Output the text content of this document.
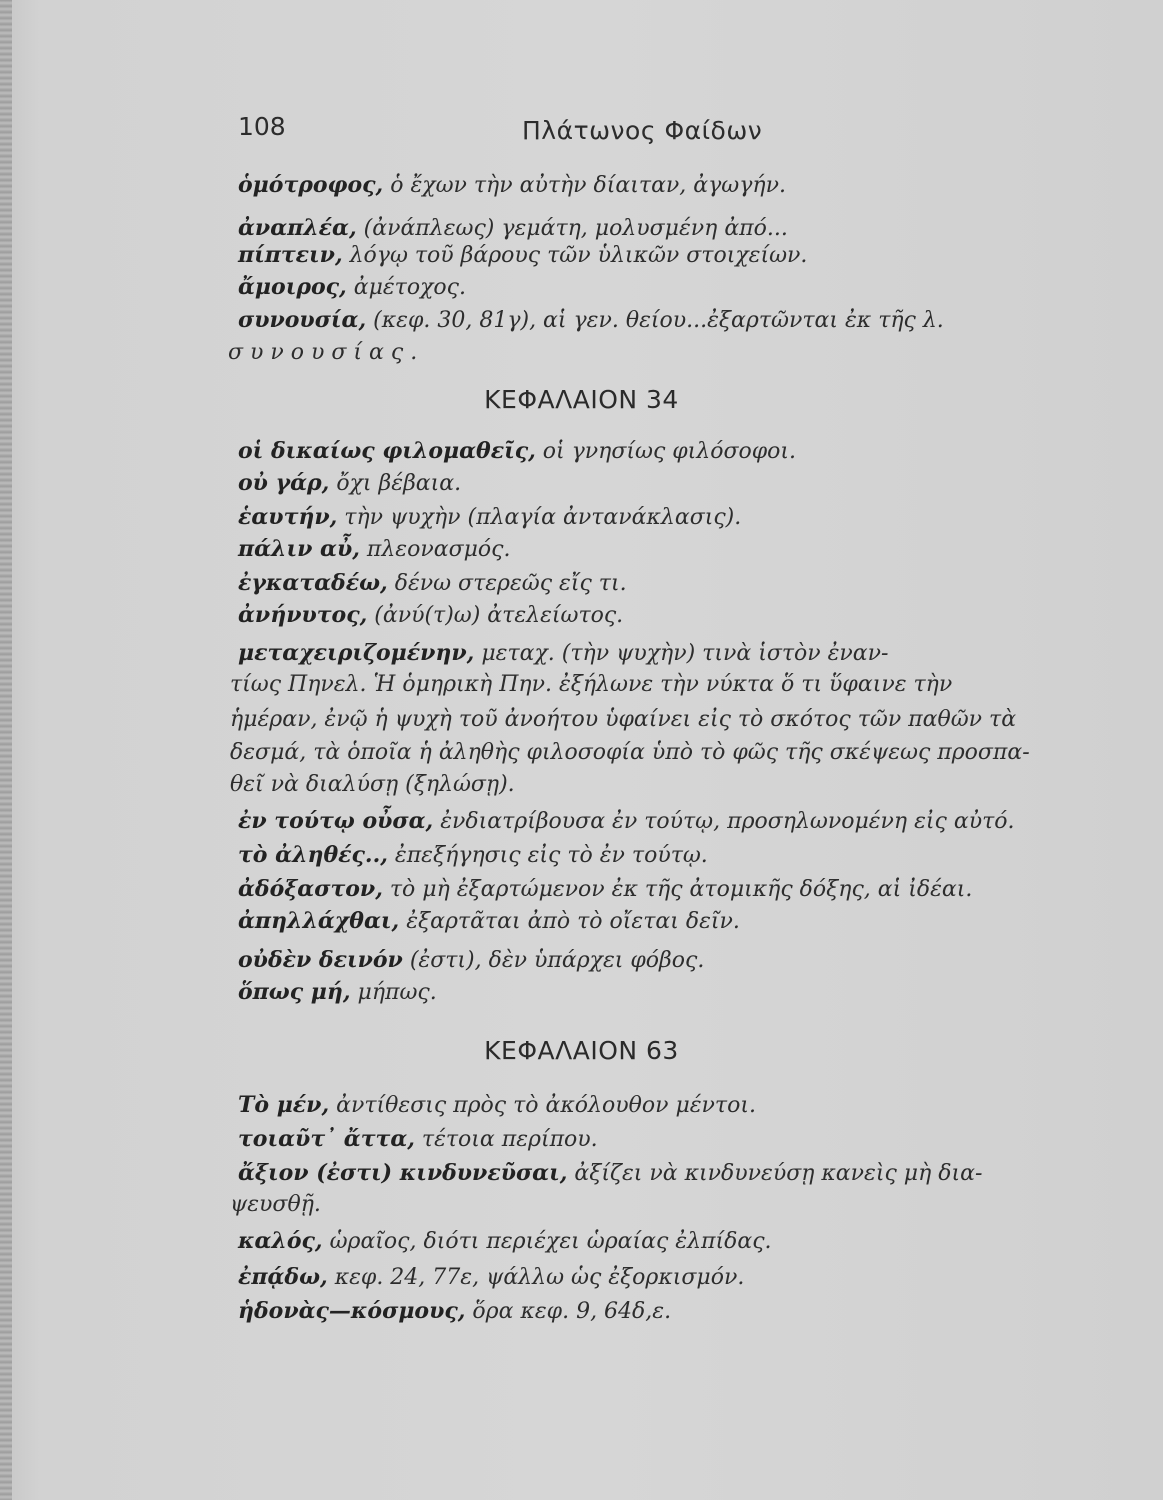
108	Πλάτωνος Φαίδων
ὁμότροφος, ὁ ἔχων τὴν αὐτὴν δίαιταν, ἀγωγήν.
ἀναπλέα, (ἀνάπλεως) γεμάτη, μολυσμένη ἀπό...
πίπτειν, λόγῳ τοῦ βάρους τῶν ὑλικῶν στοιχείων.
ἄμοιρος, ἀμέτοχος.
συνουσία, (κεφ. 30, 81γ), αἱ γεν. θείου...ἐξαρτῶνται ἐκ τῆς λ.
συνουσίας.
ΚΕΦΑΛΑΙΟΝ 34
οἱ δικαίως φιλομαθεῖς, οἱ γνησίως φιλόσοφοι.
οὐ γάρ, ὄχι βέβαια.
ἑαυτήν, τὴν ψυχὴν (πλαγία ἀντανάκλασις).
πάλιν αὖ, πλεονασμός.
ἐγκαταδέω, δένω στερεῶς εἴς τι.
ἀνήνυτος, (ἀνύ(τ)ω) ἀτελείωτος.
μεταχειριζομένην, μεταχ. (τὴν ψυχὴν) τινὰ ἱστὸν ἐναν-
τίως Πηνελ. Ἡ ὁμηρικὴ Πην. ἐξήλωνε τὴν νύκτα ὅ τι ὕφαινε τὴν
ἡμέραν, ἐνῷ ἡ ψυχὴ τοῦ ἀνοήτου ὑφαίνει εἰς τὸ σκότος τῶν παθῶν τὰ
δεσμά, τὰ ὁποῖα ἡ ἀληθὴς φιλοσοφία ὑπὸ τὸ φῶς τῆς σκέψεως προσπα-
θεῖ νὰ διαλύσῃ (ξηλώσῃ).
ἐν τούτῳ οὖσα, ἐνδιατρίβουσα ἐν τούτῳ, προσηλωνομένη εἰς αὐτό.
τὸ ἀληθές.., ἐπεξήγησις εἰς τὸ ἐν τούτῳ.
ἀδόξαστον, τὸ μὴ ἐξαρτώμενον ἐκ τῆς ἀτομικῆς δόξης, αἱ ἰδέαι.
ἀπηλλάχθαι, ἐξαρτᾶται ἀπὸ τὸ οἴεται δεῖν.
οὐδὲν δεινόν (ἐστι), δὲν ὑπάρχει φόβος.
ὅπως μή, μήπως.
ΚΕΦΑΛΑΙΟΝ 63
Τὸ μέν, ἀντίθεσις πρὸς τὸ ἀκόλουθον μέντοι.
τοιαῦτ᾽ ἄττα, τέτοια περίπου.
ἄξιον (ἐστι) κινδυνεῦσαι, ἀξίζει νὰ κινδυνεύσῃ κανεὶς μὴ δια-
ψευσθῇ.
καλός, ὡραῖος, διότι περιέχει ὡραίας ἐλπίδας.
ἐπᾴδω, κεφ. 24, 77ε, ψάλλω ὡς ἐξορκισμόν.
ἡδονὰς—κόσμους, ὅρα κεφ. 9, 64δ,ε.
